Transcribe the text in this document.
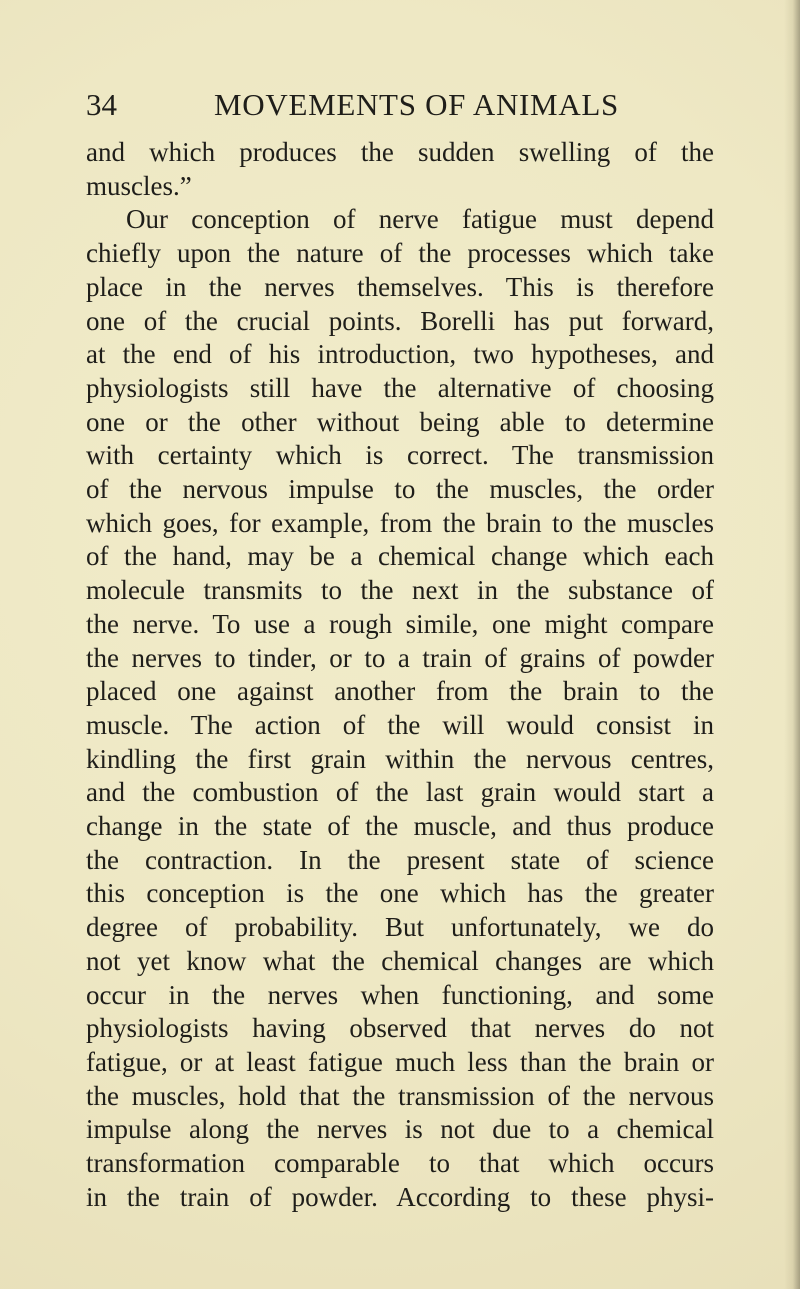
34	MOVEMENTS OF ANIMALS
and which produces the sudden swelling of the
muscles.”
Our conception of nerve fatigue must depend
chiefly upon the nature of the processes which take
place in the nerves themselves. This is therefore
one of the crucial points. Borelli has put forward,
at the end of his introduction, two hypotheses, and
physiologists still have the alternative of choosing
one or the other without being able to determine
with certainty which is correct. The transmission
of the nervous impulse to the muscles, the order
which goes, for example, from the brain to the muscles
of the hand, may be a chemical change which each
molecule transmits to the next in the substance of
the nerve. To use a rough simile, one might compare
the nerves to tinder, or to a train of grains of powder
placed one against another from the brain to the
muscle. The action of the will would consist in
kindling the first grain within the nervous centres,
and the combustion of the last grain would start a
change in the state of the muscle, and thus produce
the contraction. In the present state of science
this conception is the one which has the greater
degree of probability. But unfortunately, we do
not yet know what the chemical changes are which
occur in the nerves when functioning, and some
physiologists having observed that nerves do not
fatigue, or at least fatigue much less than the brain or
the muscles, hold that the transmission of the nervous
impulse along the nerves is not due to a chemical
transformation comparable to that which occurs
in the train of powder. According to these physi-
